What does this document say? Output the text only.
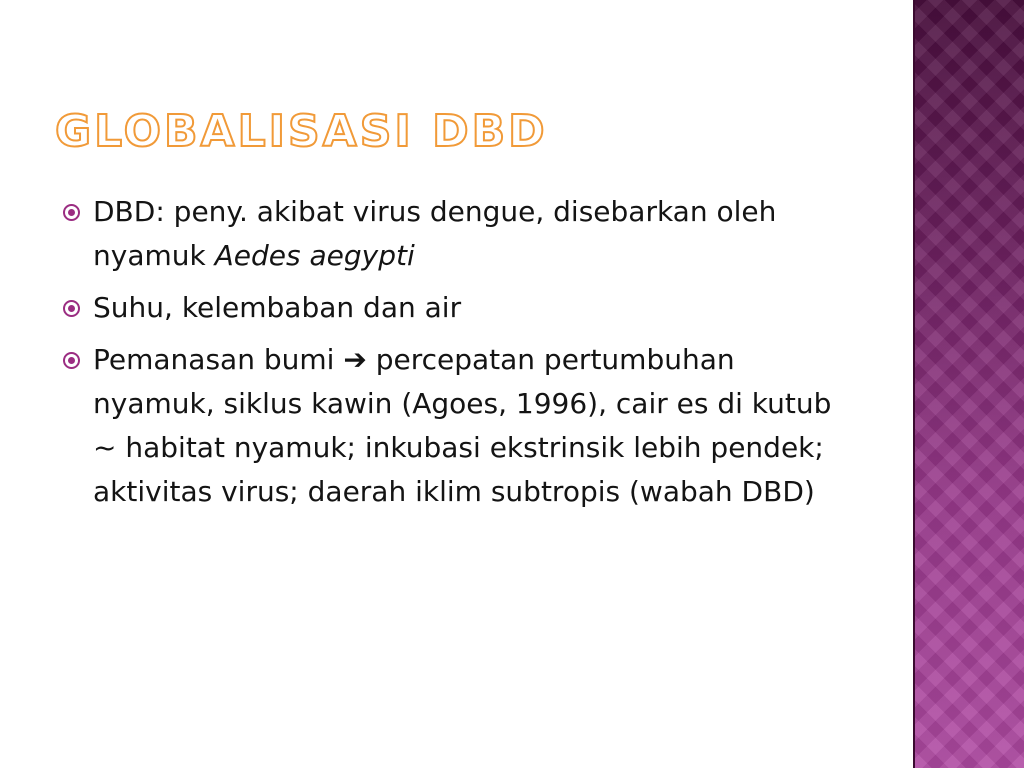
GLOBALISASI DBD
DBD: peny. akibat virus dengue, disebarkan oleh nyamuk Aedes aegypti
Suhu, kelembaban dan air
Pemanasan bumi ➔ percepatan pertumbuhan nyamuk, siklus kawin (Agoes, 1996), cair es di kutub ~ habitat nyamuk; inkubasi ekstrinsik lebih pendek; aktivitas virus; daerah iklim subtropis (wabah DBD)
